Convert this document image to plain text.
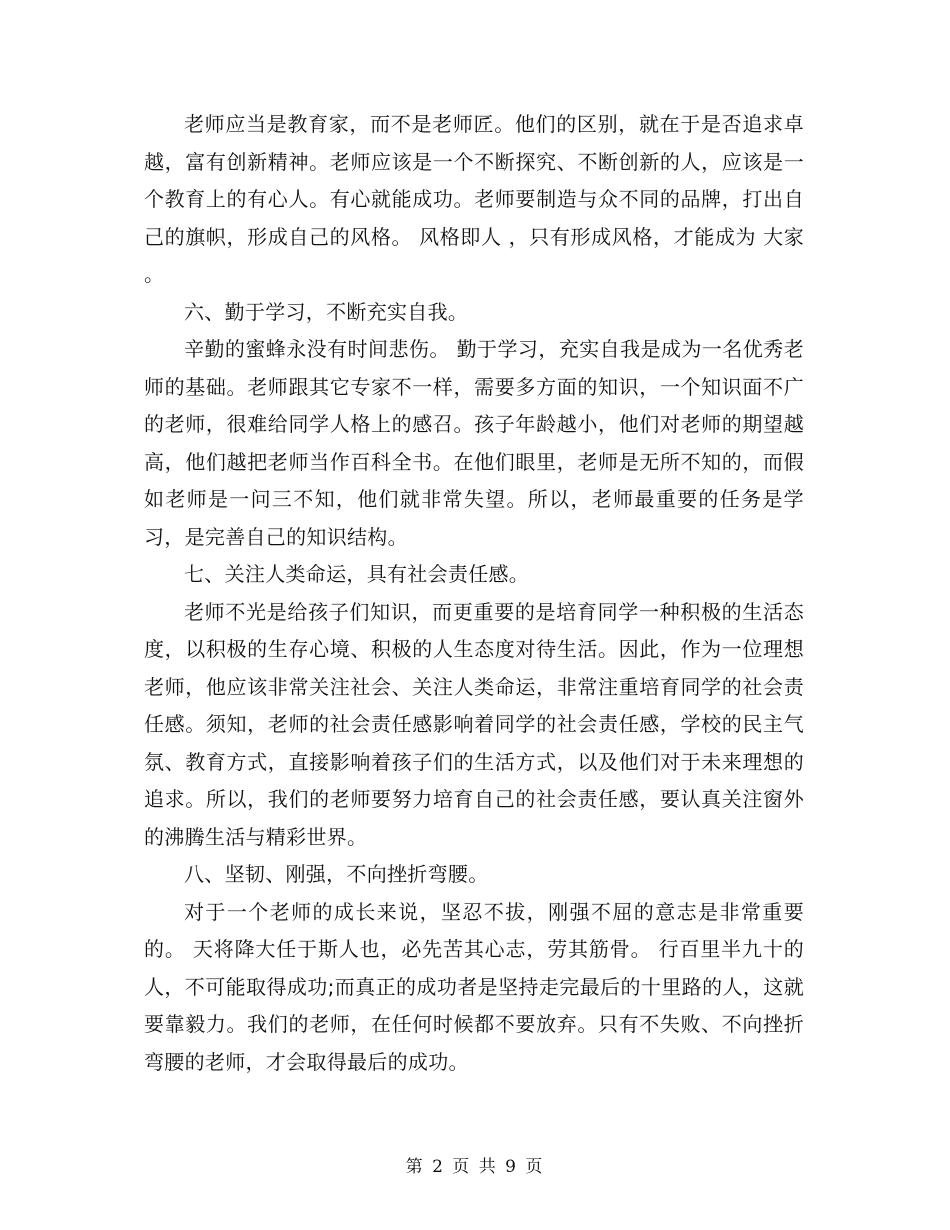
老师应当是教育家，而不是老师匠。他们的区别，就在于是否追求卓越，富有创新精神。老师应该是一个不断探究、不断创新的人，应该是一个教育上的有心人。有心就能成功。老师要制造与众不同的品牌，打出自己的旗帜，形成自己的风格。 风格即人 ，只有形成风格，才能成为 大家 。

六、勤于学习，不断充实自我。

辛勤的蜜蜂永没有时间悲伤。 勤于学习，充实自我是成为一名优秀老师的基础。老师跟其它专家不一样，需要多方面的知识，一个知识面不广的老师，很难给同学人格上的感召。孩子年龄越小，他们对老师的期望越高，他们越把老师当作百科全书。在他们眼里，老师是无所不知的，而假如老师是一问三不知，他们就非常失望。所以，老师最重要的任务是学习，是完善自己的知识结构。

七、关注人类命运，具有社会责任感。

老师不光是给孩子们知识，而更重要的是培育同学一种积极的生活态度，以积极的生存心境、积极的人生态度对待生活。因此，作为一位理想老师，他应该非常关注社会、关注人类命运，非常注重培育同学的社会责任感。须知，老师的社会责任感影响着同学的社会责任感，学校的民主气氛、教育方式，直接影响着孩子们的生活方式，以及他们对于未来理想的追求。所以，我们的老师要努力培育自己的社会责任感，要认真关注窗外的沸腾生活与精彩世界。

八、坚韧、刚强，不向挫折弯腰。

对于一个老师的成长来说，坚忍不拔，刚强不屈的意志是非常重要的。 天将降大任于斯人也，必先苦其心志，劳其筋骨。 行百里半九十的人，不可能取得成功;而真正的成功者是坚持走完最后的十里路的人，这就要靠毅力。我们的老师，在任何时候都不要放弃。只有不失败、不向挫折弯腰的老师，才会取得最后的成功。

第 2 页 共 9 页
